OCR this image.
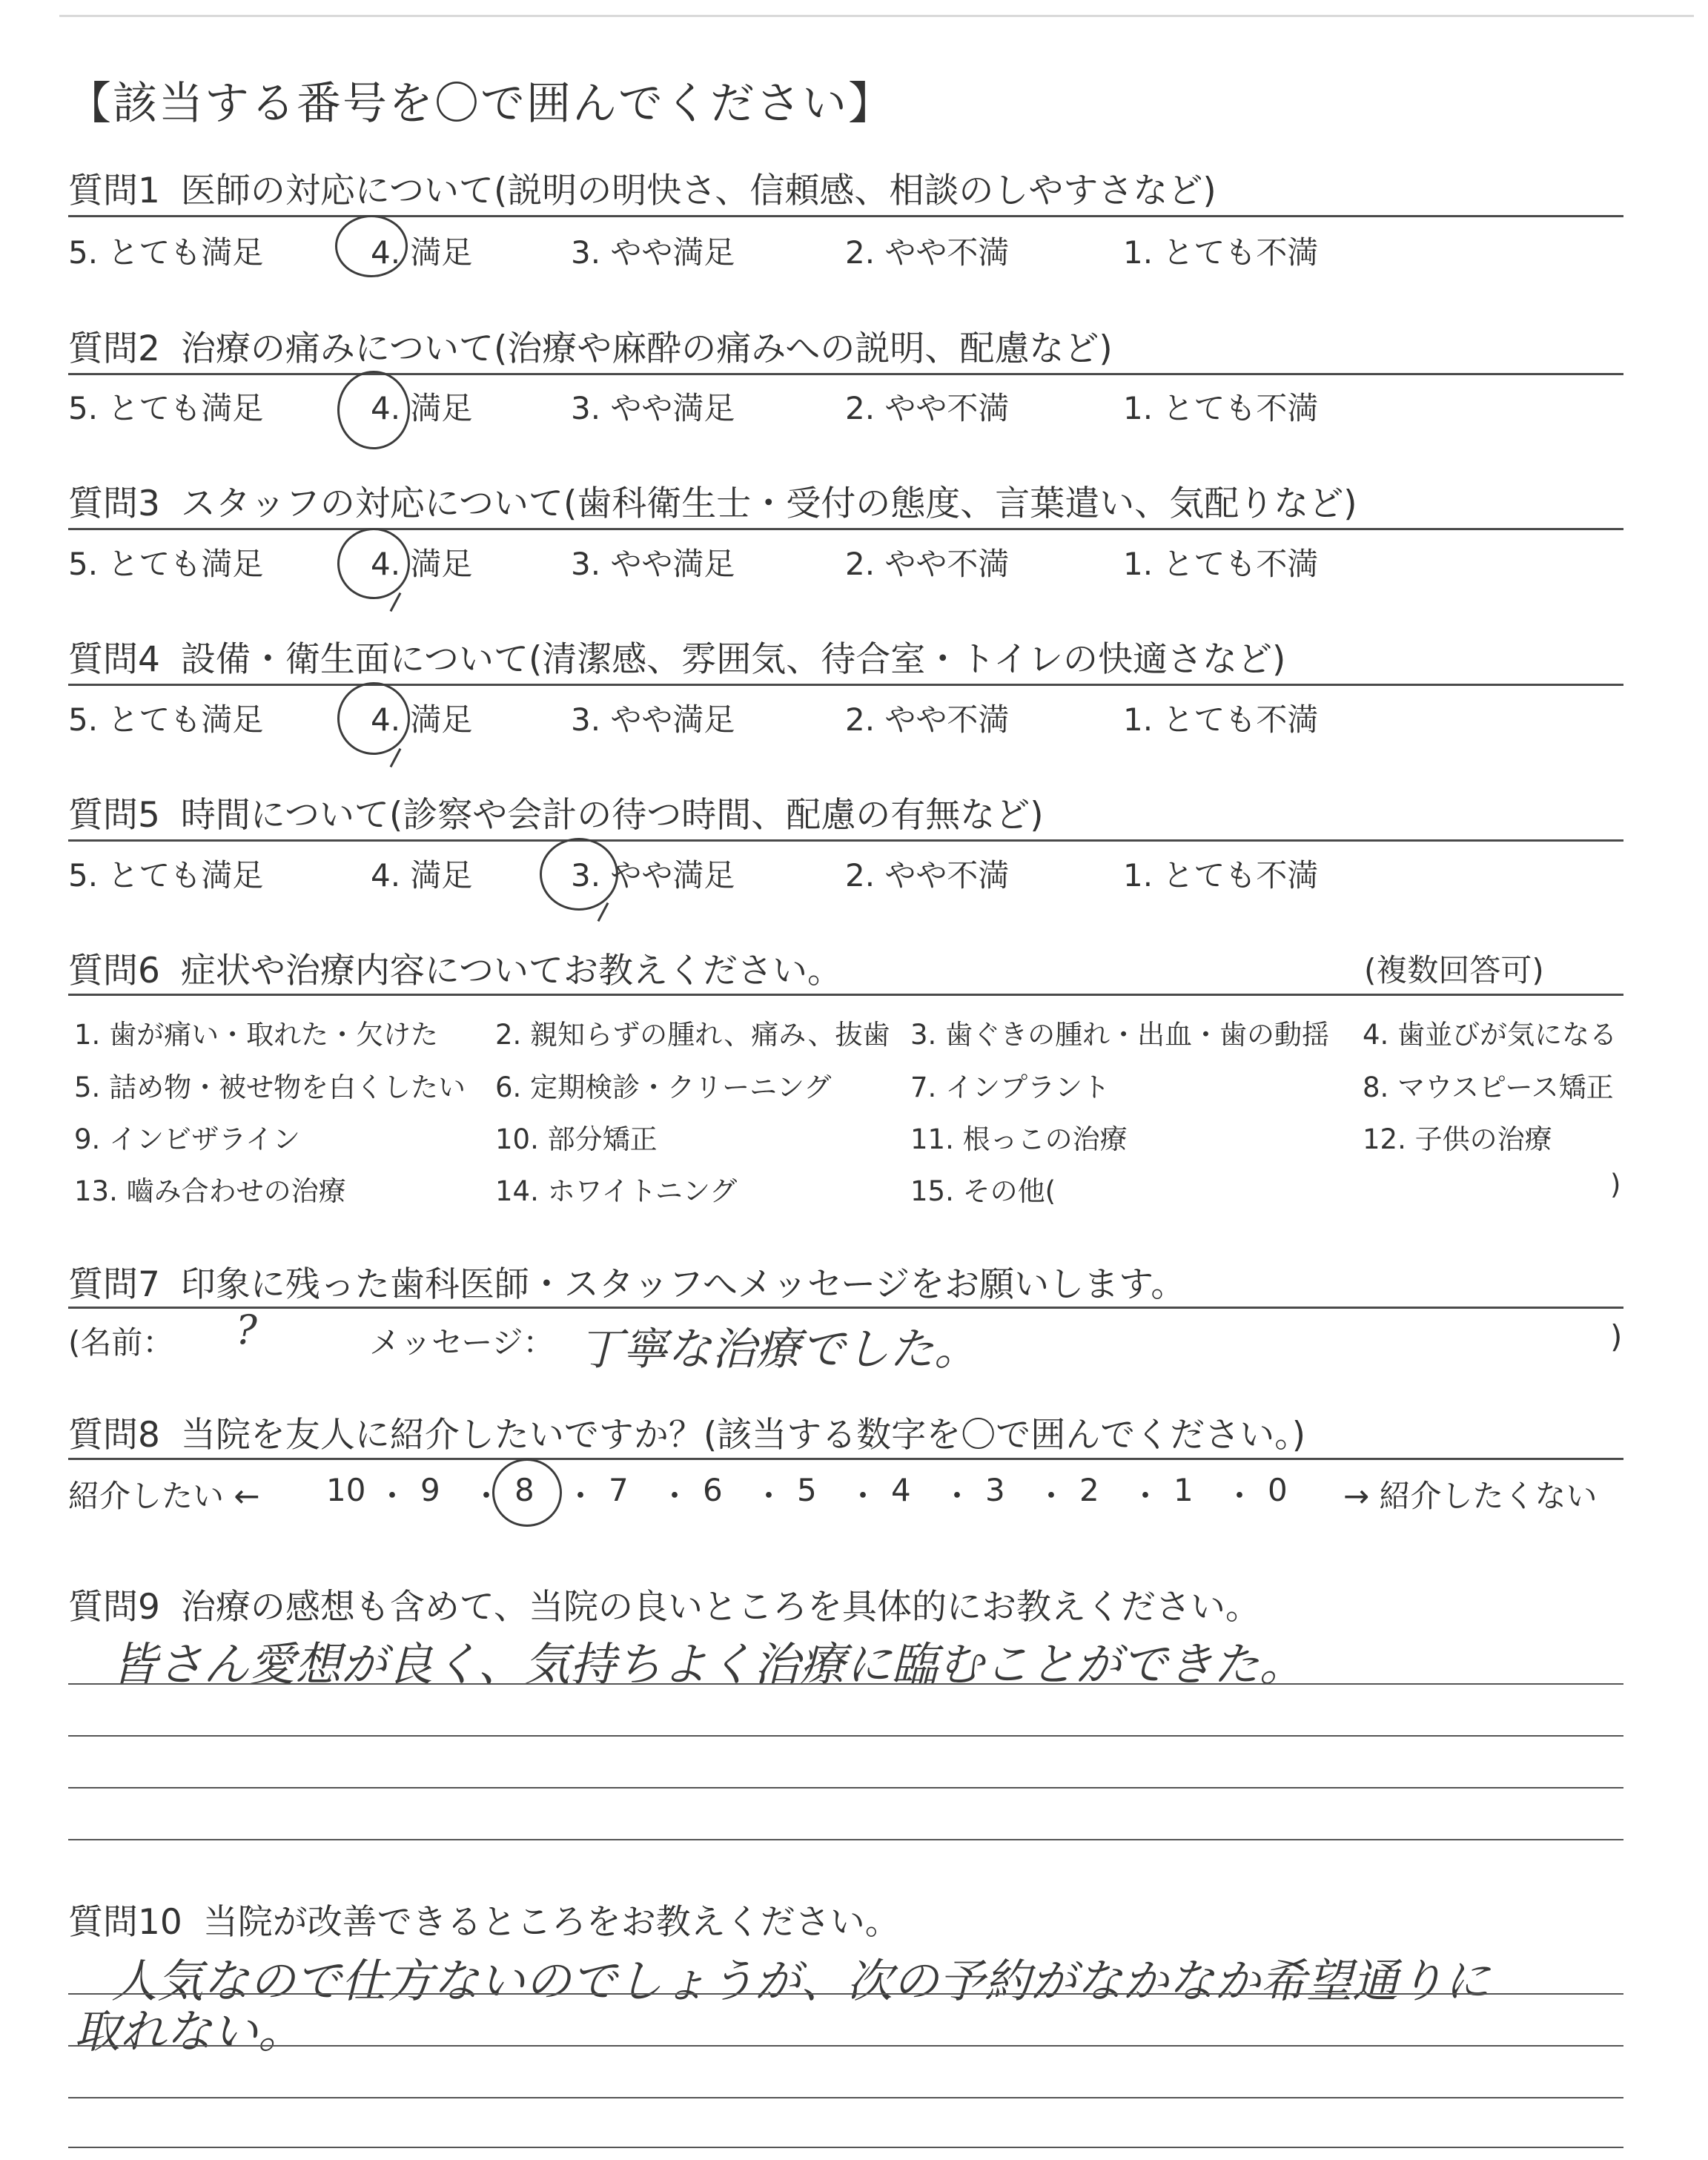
【該当する番号を〇で囲んでください】
質問1 医師の対応について(説明の明快さ、信頼感、相談のしやすさなど)
5. とても満足	4. 満足	3. やや満足	2. やや不満	1. とても不満
質問2 治療の痛みについて(治療や麻酔の痛みへの説明、配慮など)
5. とても満足	4. 満足	3. やや満足	2. やや不満	1. とても不満
質問3 スタッフの対応について(歯科衛生士・受付の態度、言葉遣い、気配りなど)
5. とても満足	4. 満足	3. やや満足	2. やや不満	1. とても不満
質問4 設備・衛生面について(清潔感、雰囲気、待合室・トイレの快適さなど)
5. とても満足	4. 満足	3. やや満足	2. やや不満	1. とても不満
質問5 時間について(診察や会計の待つ時間、配慮の有無など)
5. とても満足	4. 満足	3. やや満足	2. やや不満	1. とても不満
質問6 症状や治療内容についてお教えください。	(複数回答可)
1. 歯が痛い・取れた・欠けた 2. 親知らずの腫れ、痛み、抜歯 3. 歯ぐきの腫れ・出血・歯の動揺 4. 歯並びが気になる
5. 詰め物・被せ物を白くしたい 6. 定期検診・クリーニング	7. インプラント	8. マウスピース矯正
9. インビザライン	10. 部分矯正	11. 根っこの治療	12. 子供の治療
13. 嚙み合わせの治療	14. ホワイトニング	15. その他(	)
質問7 印象に残った歯科医師・スタッフへメッセージをお願いします。
(名前： ?	メッセージ： 丁寧な治療でした。	)
質問8 当院を友人に紹介したいですか？(該当する数字を〇で囲んでください。)
紹介したい ← 10 ・ 9 ・ 8 ・ 7 ・ 6 ・ 5 ・ 4 ・ 3 ・ 2 ・ 1 ・ 0 → 紹介したくない
質問9 治療の感想も含めて、当院の良いところを具体的にお教えください。
皆さん愛想が良く、気持ちよく治療に臨むことができた。
質問10 当院が改善できるところをお教えください。
人気なので仕方ないのでしょうが、次の予約がなかなか希望通りに
取れない。
